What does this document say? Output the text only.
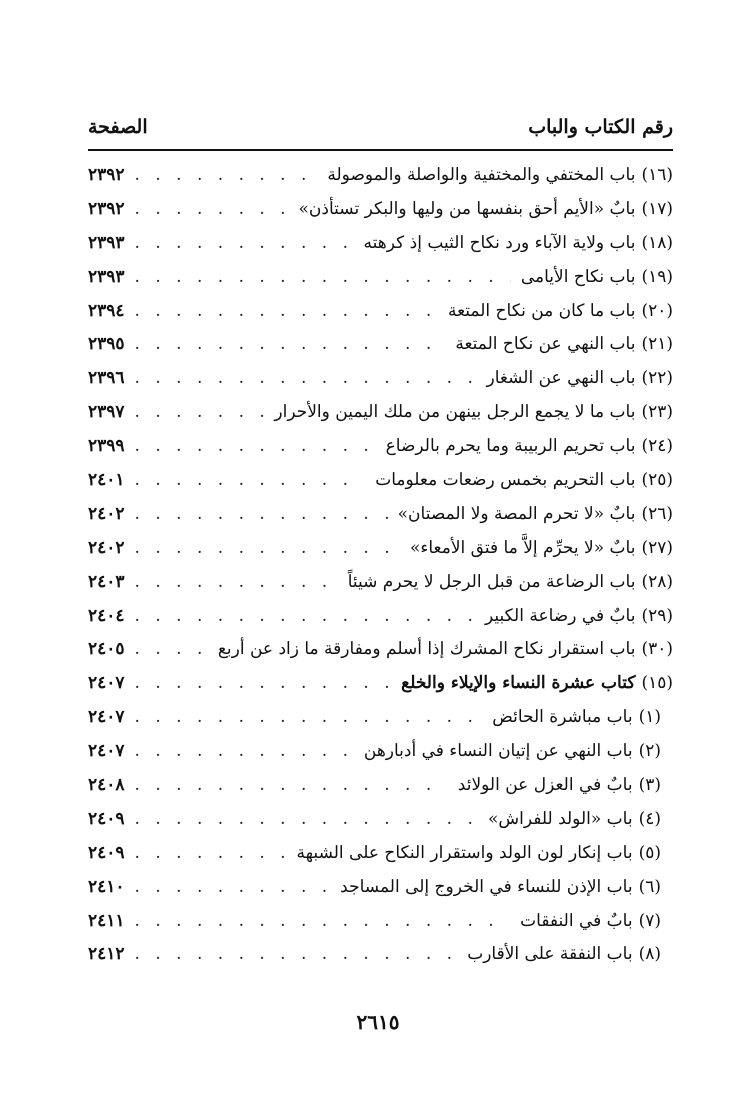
رقم الكتاب والباب
الصفحة
(١٦)
باب المختفي والمختفية والواصلة والموصولة
. . .
٢٣٩٢
(١٧)
بابٌ «الأيم أحق بنفسها من وليها والبكر تستأذن»
. . .
٢٣٩٢
(١٨)
باب ولاية الآباء ورد نكاح الثيب إذ كرهته
. . .
٢٣٩٣
(١٩)
باب نكاح الأيامى
. . .
٢٣٩٣
(٢٠)
باب ما كان من نكاح المتعة
. . .
٢٣٩٤
(٢١)
باب النهي عن نكاح المتعة
. . .
٢٣٩٥
(٢٢)
باب النهي عن الشغار
. . .
٢٣٩٦
(٢٣)
باب ما لا يجمع الرجل بينهن من ملك اليمين والأحرار
. . .
٢٣٩٧
(٢٤)
باب تحريم الربيبة وما يحرم بالرضاع
. . .
٢٣٩٩
(٢٥)
باب التحريم بخمس رضعات معلومات
. . .
٢٤٠١
(٢٦)
بابٌ «لا تحرم المصة ولا المصتان»
. . .
٢٤٠٢
(٢٧)
بابٌ «لا يحرِّم إلاَّ ما فتق الأمعاء»
. . .
٢٤٠٢
(٢٨)
باب الرضاعة من قبل الرجل لا يحرم شيئاً
. . .
٢٤٠٣
(٢٩)
بابٌ في رضاعة الكبير
. . .
٢٤٠٤
(٣٠)
باب استقرار نكاح المشرك إذا أسلم ومفارقة ما زاد عن أربع
. . .
٢٤٠٥
(١٥)
كتاب عشرة النساء والإيلاء والخلع
. . .
٢٤٠٧
(١)
باب مباشرة الحائض
. . .
٢٤٠٧
(٢)
باب النهي عن إتيان النساء في أدبارهن
. . .
٢٤٠٧
(٣)
بابٌ في العزل عن الولائد
. . .
٢٤٠٨
(٤)
باب «الولد للفراش»
. . .
٢٤٠٩
(٥)
باب إنكار لون الولد واستقرار النكاح على الشبهة
. . .
٢٤٠٩
(٦)
باب الإذن للنساء في الخروج إلى المساجد
. . .
٢٤١٠
(٧)
بابٌ في النفقات
. . .
٢٤١١
(٨)
باب النفقة على الأقارب
. . .
٢٤١٢
٢٦١٥
